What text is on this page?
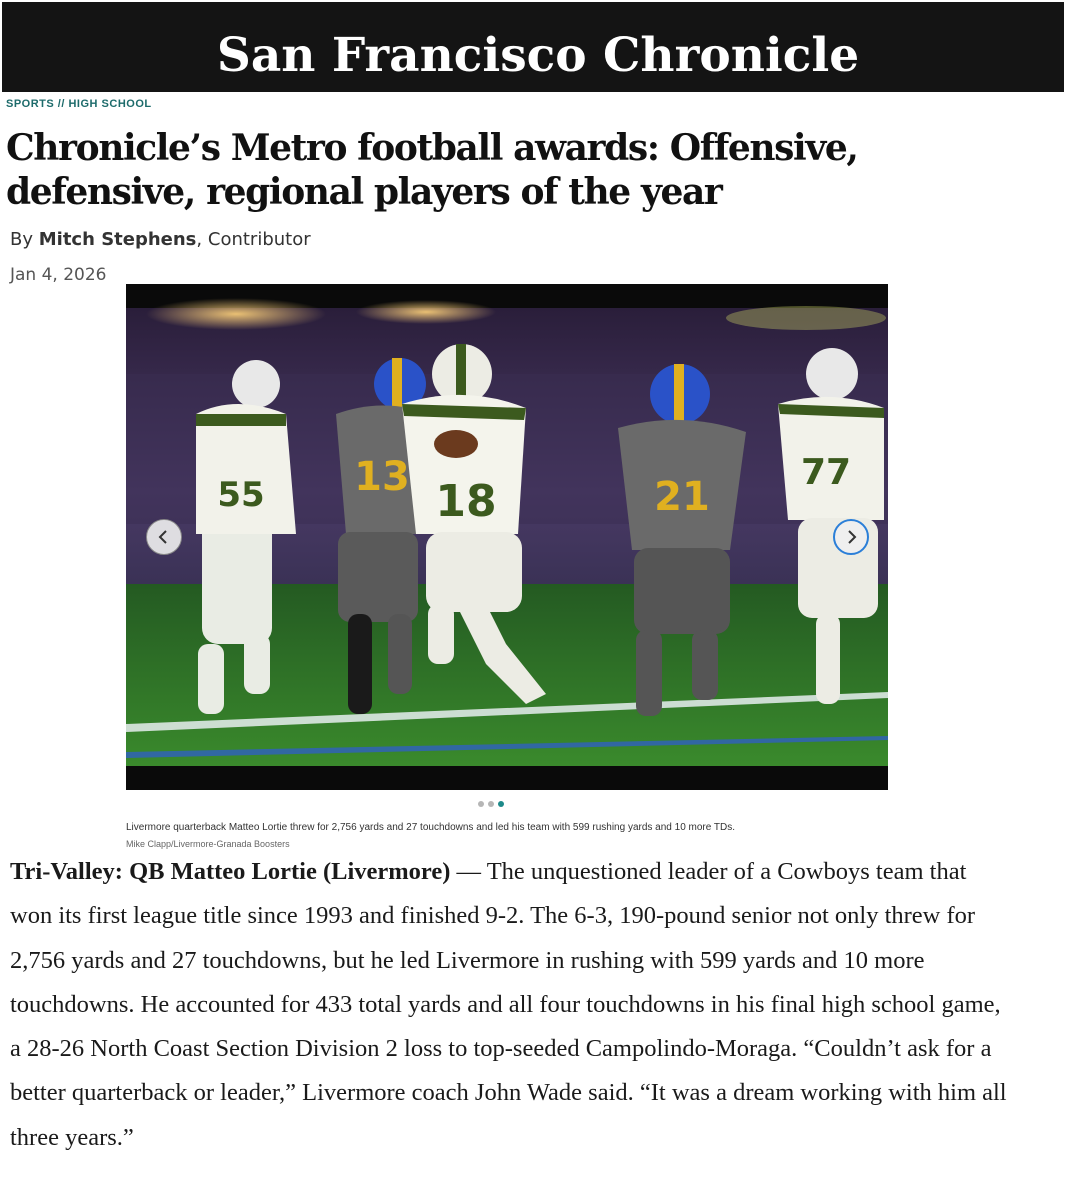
San Francisco Chronicle
SPORTS // HIGH SCHOOL
Chronicle’s Metro football awards: Offensive, defensive, regional players of the year
By Mitch Stephens, Contributor
Jan 4, 2026
55 13 18	21
77
Livermore quarterback Matteo Lortie threw for 2,756 yards and 27 touchdowns and led his team with 599 rushing yards and 10 more TDs.
Mike Clapp/Livermore-Granada Boosters

Tri-Valley: QB Matteo Lortie (Livermore) — The unquestioned leader of a Cowboys team that won its first league title since 1993 and finished 9-2. The 6-3, 190-pound senior not only threw for 2,756 yards and 27 touchdowns, but he led Livermore in rushing with 599 yards and 10 more touchdowns. He accounted for 433 total yards and all four touchdowns in his final high school game, a 28-26 North Coast Section Division 2 loss to top-seeded Campolindo-Moraga. “Couldn’t ask for a better quarterback or leader,” Livermore coach John Wade said. “It was a dream working with him all three years.”
